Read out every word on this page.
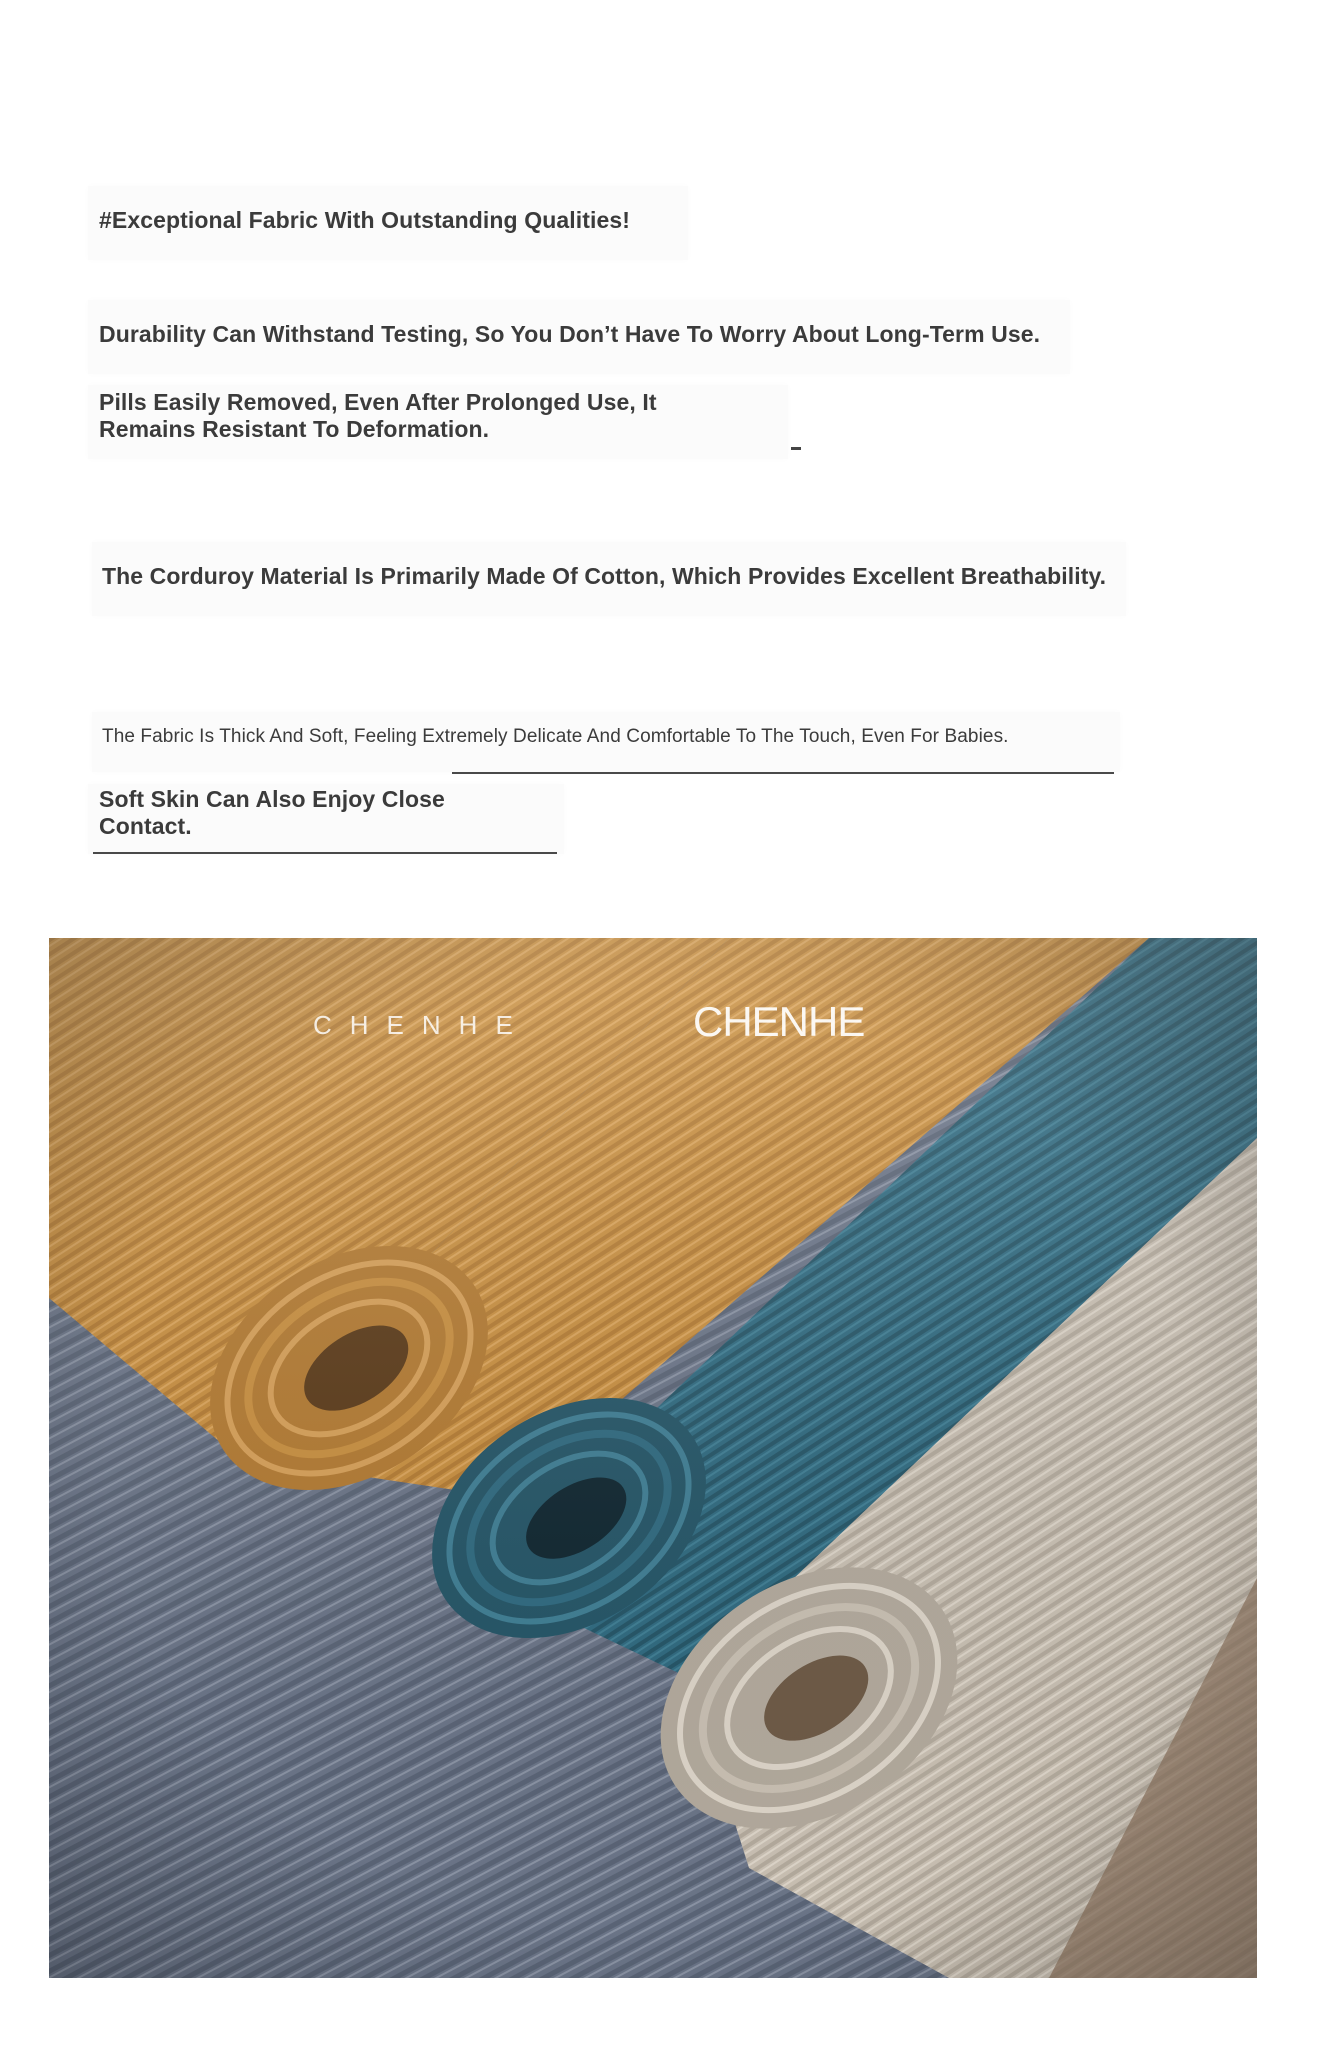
#Exceptional Fabric With Outstanding Qualities!
Durability Can Withstand Testing, So You Don’t Have To Worry About Long-Term Use.
Pills Easily Removed, Even After Prolonged Use, It
Remains Resistant To Deformation.
The Corduroy Material Is Primarily Made Of Cotton, Which Provides Excellent Breathability.
The Fabric Is Thick And Soft, Feeling Extremely Delicate And Comfortable To The Touch, Even For Babies.
Soft Skin Can Also Enjoy Close
Contact.
CHENHE	CHENHE
